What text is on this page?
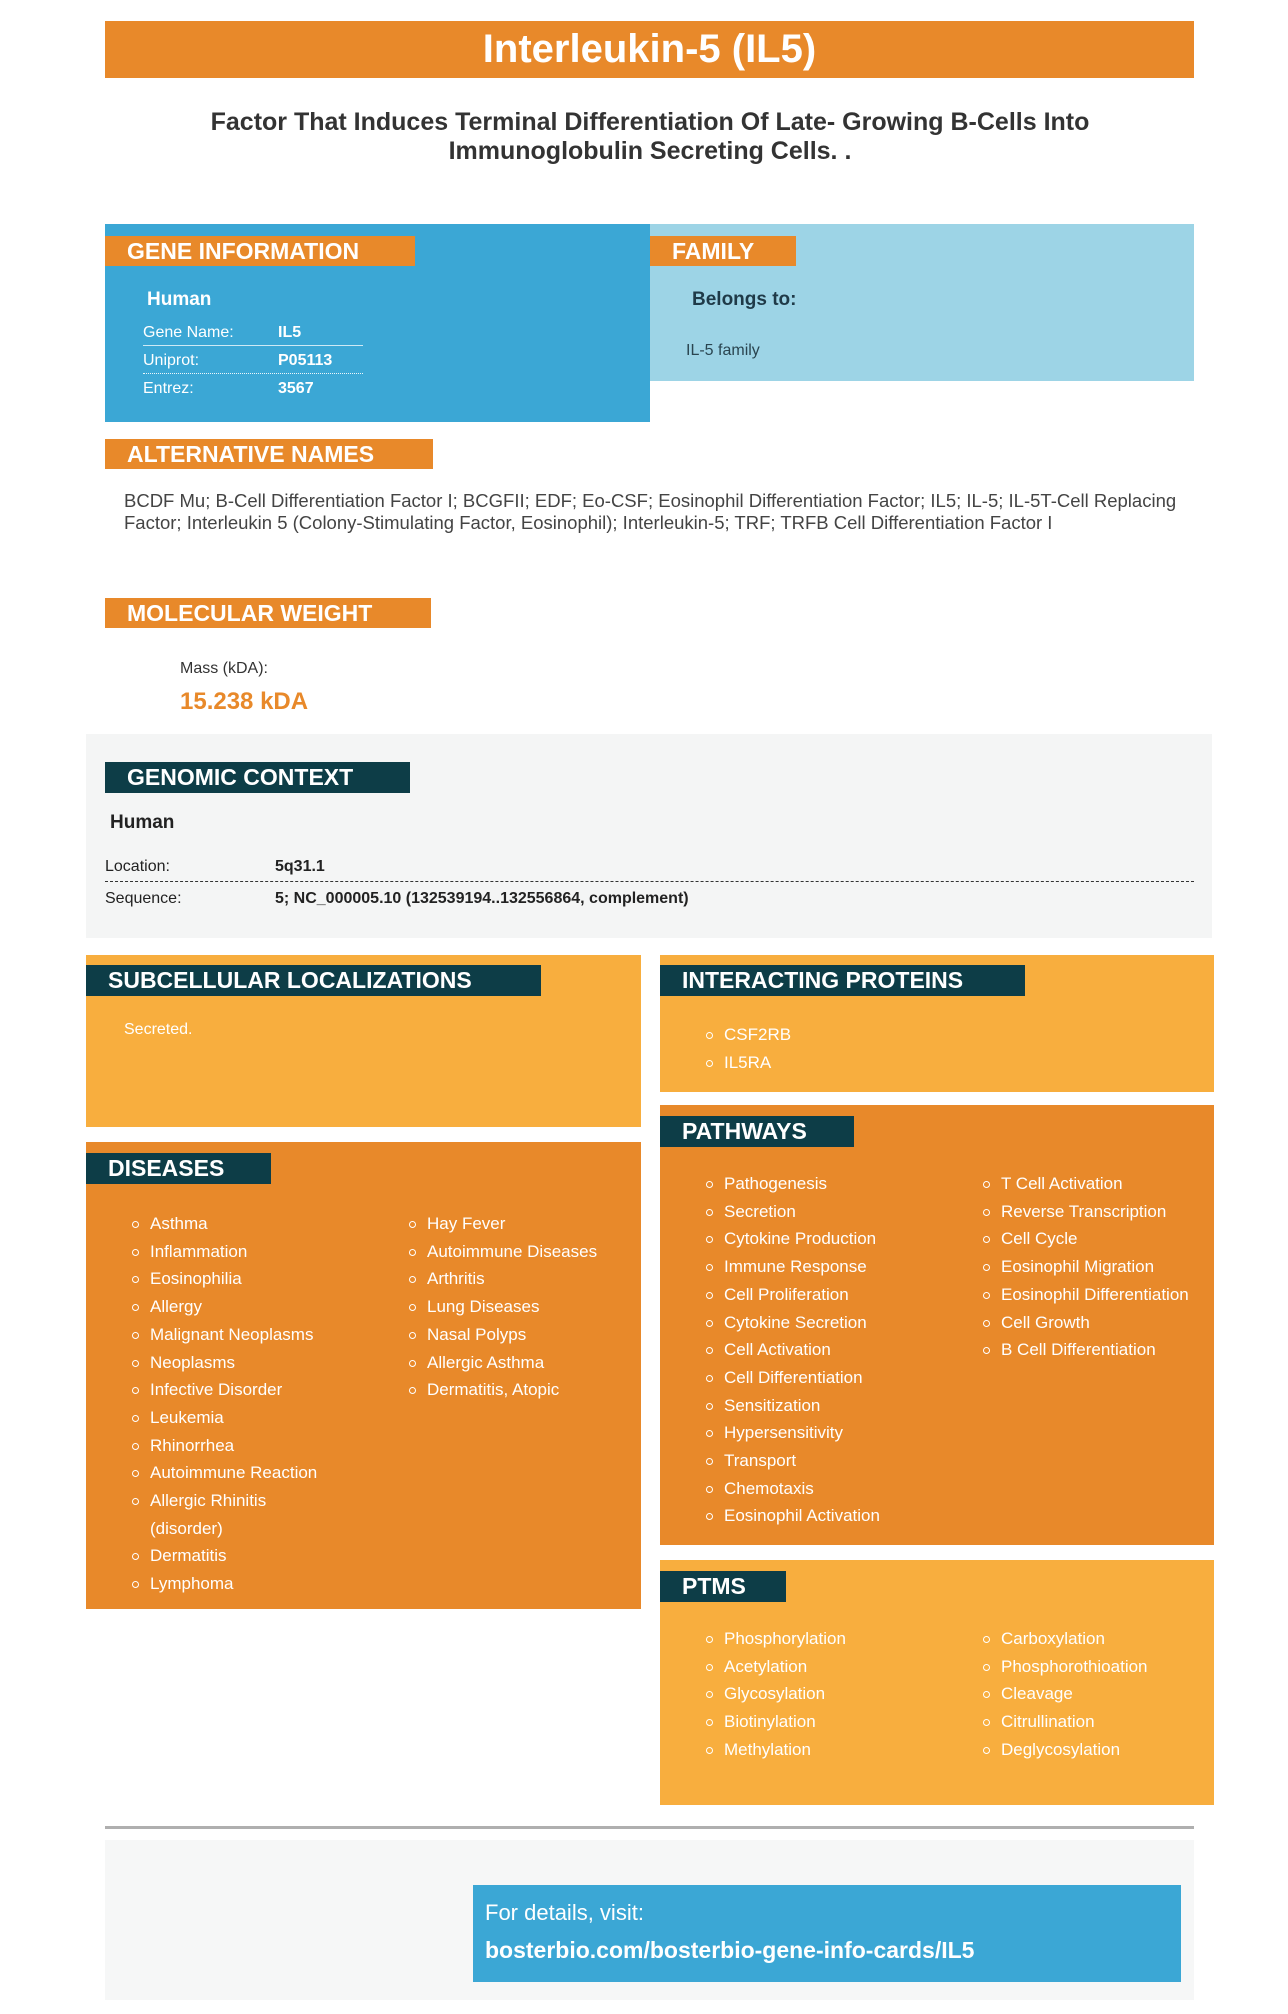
Interleukin-5 (IL5)
Factor That Induces Terminal Differentiation Of Late- Growing B-Cells Into Immunoglobulin Secreting Cells. .
GENE INFORMATION
Human
Gene Name:	IL5
Uniprot:	P05113
Entrez:	3567
FAMILY
Belongs to:
IL-5 family
ALTERNATIVE NAMES
BCDF Mu; B-Cell Differentiation Factor I; BCGFII; EDF; Eo-CSF; Eosinophil Differentiation Factor; IL5; IL-5; IL-5T-Cell Replacing Factor; Interleukin 5 (Colony-Stimulating Factor, Eosinophil); Interleukin-5; TRF; TRFB Cell Differentiation Factor I
MOLECULAR WEIGHT
Mass (kDA):
15.238 kDA
GENOMIC CONTEXT
Human
Location:	5q31.1
Sequence:	5; NC_000005.10 (132539194..132556864, complement)
SUBCELLULAR LOCALIZATIONS
Secreted.
INTERACTING PROTEINS
CSF2RB
IL5RA
DISEASES
Asthma
Inflammation
Eosinophilia
Allergy
Malignant Neoplasms
Neoplasms
Infective Disorder
Leukemia
Rhinorrhea
Autoimmune Reaction
Allergic Rhinitis (disorder)
Dermatitis
Lymphoma
Hay Fever
Autoimmune Diseases
Arthritis
Lung Diseases
Nasal Polyps
Allergic Asthma
Dermatitis, Atopic
PATHWAYS
Pathogenesis
Secretion
Cytokine Production
Immune Response
Cell Proliferation
Cytokine Secretion
Cell Activation
Cell Differentiation
Sensitization
Hypersensitivity
Transport
Chemotaxis
Eosinophil Activation
T Cell Activation
Reverse Transcription
Cell Cycle
Eosinophil Migration
Eosinophil Differentiation
Cell Growth
B Cell Differentiation
PTMS
Phosphorylation
Acetylation
Glycosylation
Biotinylation
Methylation
Carboxylation
Phosphorothioation
Cleavage
Citrullination
Deglycosylation
For details, visit:
bosterbio.com/bosterbio-gene-info-cards/IL5
